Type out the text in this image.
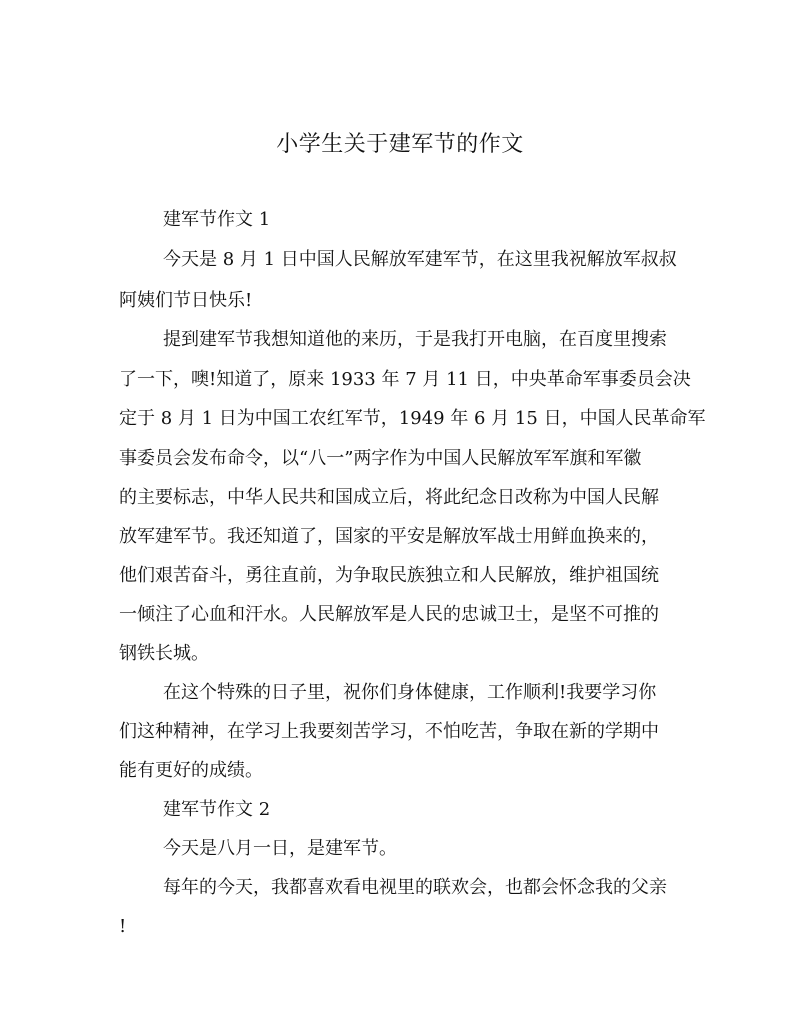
小学生关于建军节的作文
建军节作文 1
今天是 8 月 1 日中国人民解放军建军节，在这里我祝解放军叔叔
阿姨们节日快乐!
提到建军节我想知道他的来历，于是我打开电脑，在百度里搜索
了一下，噢!知道了，原来 1933 年 7 月 11 日，中央革命军事委员会决
定于 8 月 1 日为中国工农红军节，1949 年 6 月 15 日，中国人民革命军
事委员会发布命令，以“八一”两字作为中国人民解放军军旗和军徽
的主要标志，中华人民共和国成立后，将此纪念日改称为中国人民解
放军建军节。我还知道了，国家的平安是解放军战士用鲜血换来的，
他们艰苦奋斗，勇往直前，为争取民族独立和人民解放，维护祖国统
一倾注了心血和汗水。人民解放军是人民的忠诚卫士，是坚不可推的
钢铁长城。
在这个特殊的日子里，祝你们身体健康，工作顺利!我要学习你
们这种精神，在学习上我要刻苦学习，不怕吃苦，争取在新的学期中
能有更好的成绩。
建军节作文 2
今天是八月一日，是建军节。
每年的今天，我都喜欢看电视里的联欢会，也都会怀念我的父亲
!
